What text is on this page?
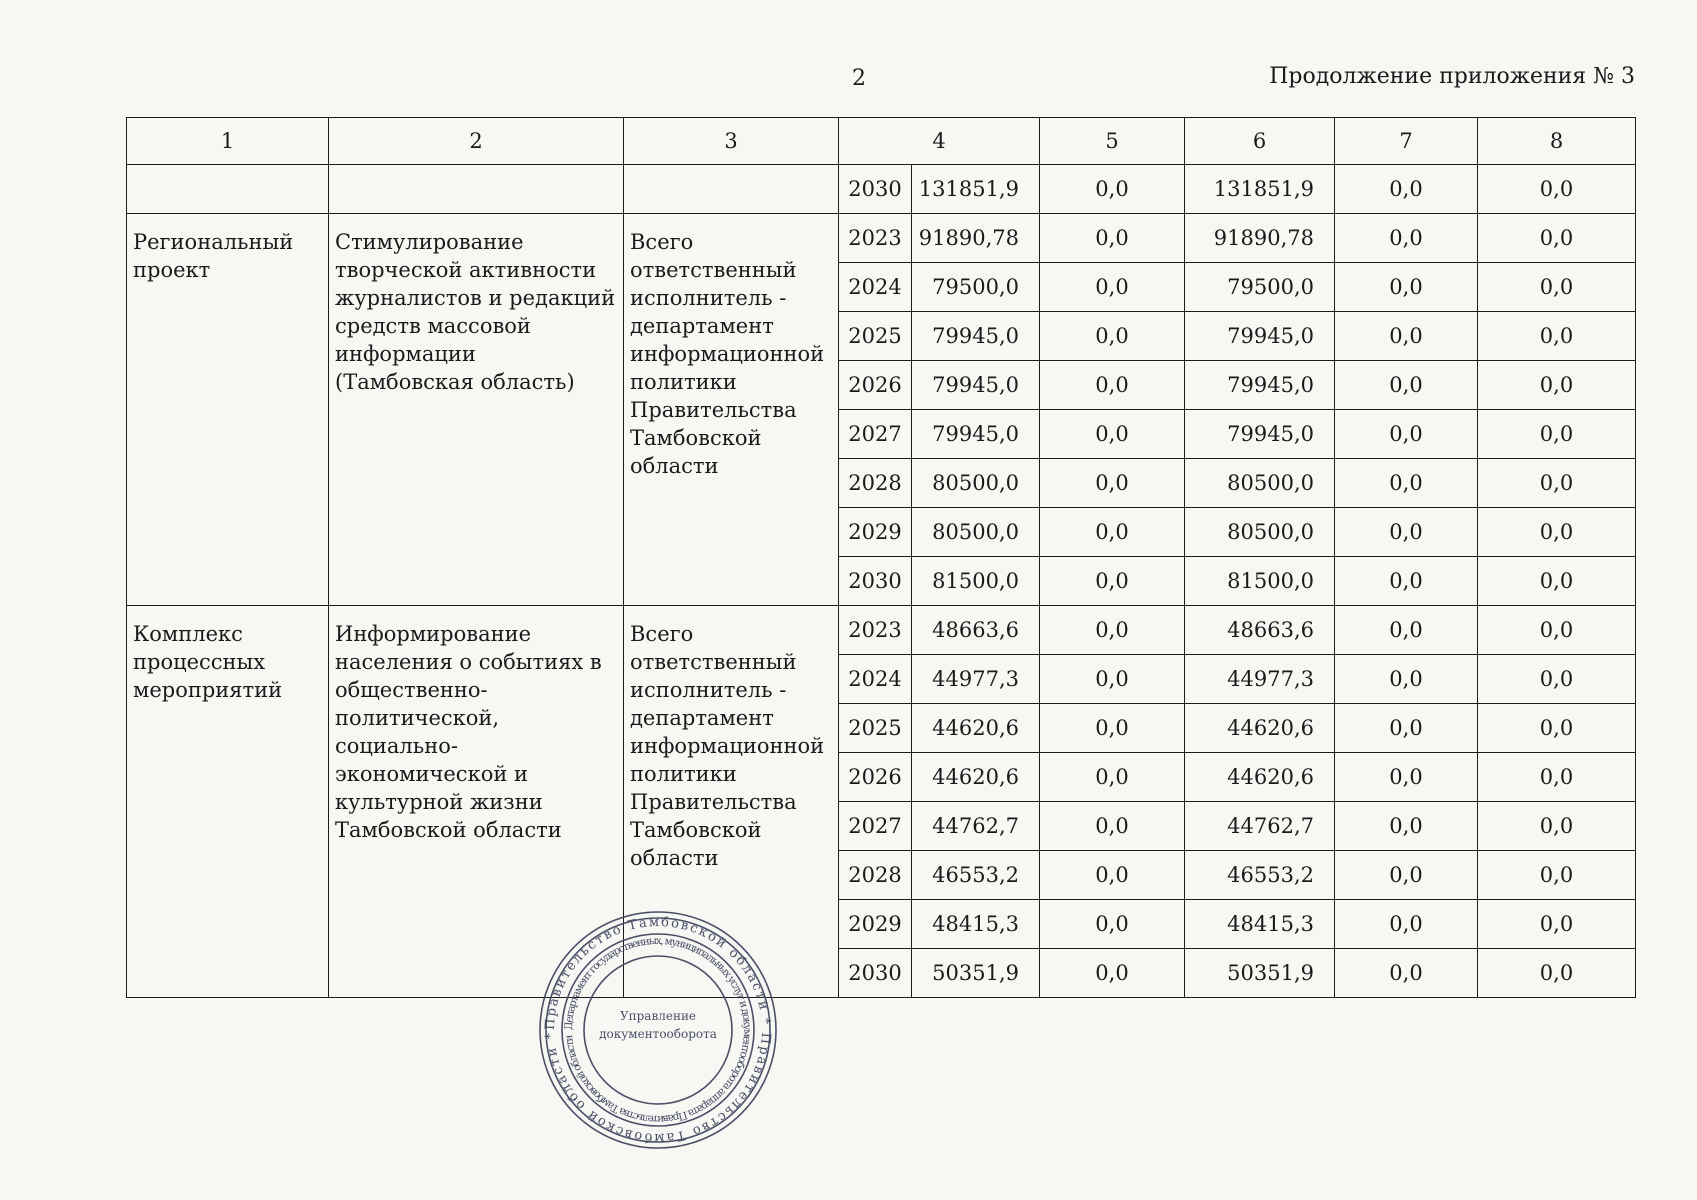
2	Продолжение приложения № 3
1	2	3	4		5	6	7	8
			2030	131851,9	0,0	131851,9	0,0	0,0
Региональный проект	Стимулирование творческой активности журналистов и редакций средств массовой информации (Тамбовская область)	Всего ответственный исполнитель - департамент информационной политики Правительства Тамбовской области	2023	91890,78	0,0	91890,78	0,0	0,0
			2024	79500,0	0,0	79500,0	0,0	0,0
			2025	79945,0	0,0	79945,0	0,0	0,0
			2026	79945,0	0,0	79945,0	0,0	0,0
			2027	79945,0	0,0	79945,0	0,0	0,0
			2028	80500,0	0,0	80500,0	0,0	0,0
			2029	80500,0	0,0	80500,0	0,0	0,0
			2030	81500,0	0,0	81500,0	0,0	0,0
Комплекс процессных мероприятий	Информирование населения о событиях в общественно-политической, социально-экономической и культурной жизни Тамбовской области	Всего ответственный исполнитель - департамент информационной политики Правительства Тамбовской области	2023	48663,6	0,0	48663,6	0,0	0,0
			2024	44977,3	0,0	44977,3	0,0	0,0
			2025	44620,6	0,0	44620,6	0,0	0,0
			2026	44620,6	0,0	44620,6	0,0	0,0
			2027	44762,7	0,0	44762,7	0,0	0,0
			2028	46553,2	0,0	46553,2	0,0	0,0
			2029	48415,3	0,0	48415,3	0,0	0,0
			2030	50351,9	0,0	50351,9	0,0	0,0
Правительство Тамбовской области * Правительство Тамбовской области *
Департамент государственных, муниципальных услуг и документооборота аппарата Правительства Тамбовской области
Управление
документооборота
